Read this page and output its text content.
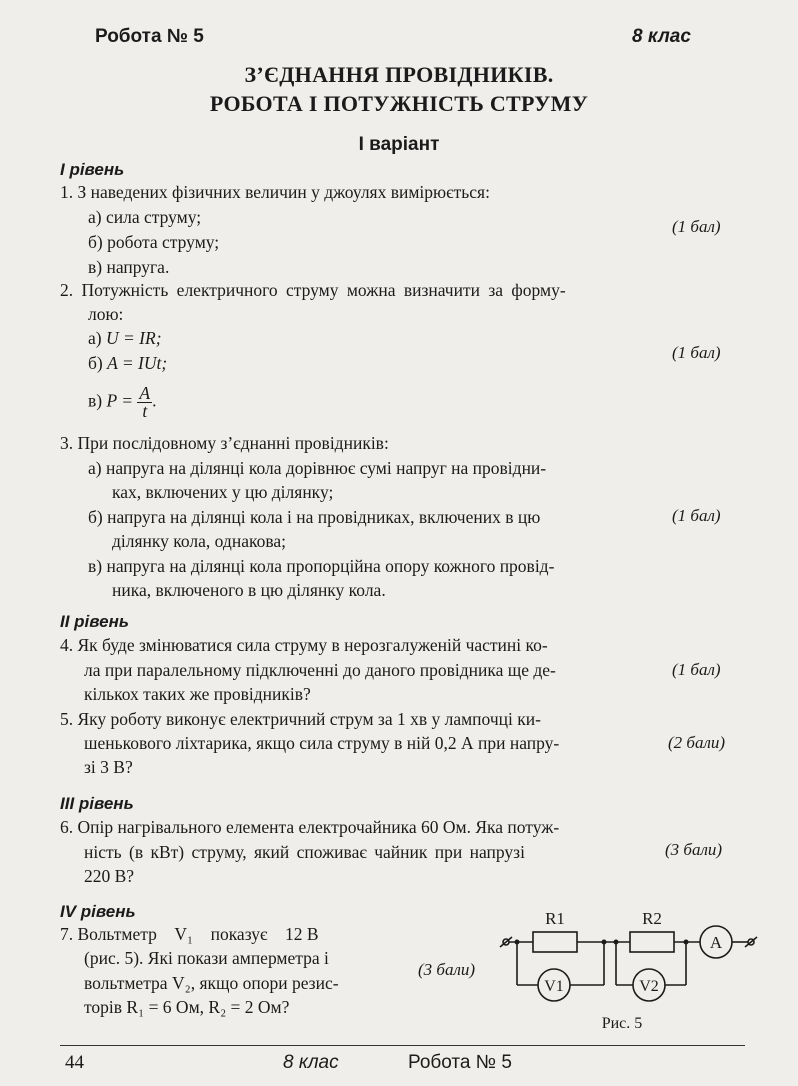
Робота № 5	8 клас
З’ЄДНАННЯ ПРОВІДНИКІВ.
РОБОТА І ПОТУЖНІСТЬ СТРУМУ
І варіант
I рівень
1. З наведених фізичних величин у джоулях вимірюється:
а) сила струму;
б) робота струму;
в) напруга.
(1 бал)
2. Потужність електричного струму можна визначити за форму-
лою:
а) U = IR;
б) A = IUt;
в) $P = \frac{A}{t}$ .
(1 бал)
3. При послідовному з’єднанні провідників:
а) напруга на ділянці кола дорівнює сумі напруг на провідни-
ках, включених у цю ділянку;
б) напруга на ділянці кола і на провідниках, включених в цю
ділянку кола, однакова;
в) напруга на ділянці кола пропорційна опору кожного провід-
ника, включеного в цю ділянку кола.
(1 бал)
II рівень
4. Як буде змінюватися сила струму в нерозгалуженій частині ко-
ла при паралельному підключенні до даного провідника ще де-
кількох таких же провідників?
(1 бал)
5. Яку роботу виконує електричний струм за 1 хв у лампочці ки-
шенькового ліхтарика, якщо сила струму в ній 0,2 А при напру-
зі 3 В?
(2 бали)
III рівень
6. Опір нагрівального елемента електрочайника 60 Ом. Яка потуж-
ність (в кВт) струму, який споживає чайник при напрузі
220 В?
(3 бали)
IV рівень
7. Вольтметр    V₁    показує    12 В
(рис. 5). Які покази амперметра і
вольтметра V₂, якщо опори резис-
торів R₁ = 6 Ом, R₂ = 2 Ом?
(3 бали)
R1	R2
A
V1	V2
Рис. 5
44	8 клас	Робота № 5
